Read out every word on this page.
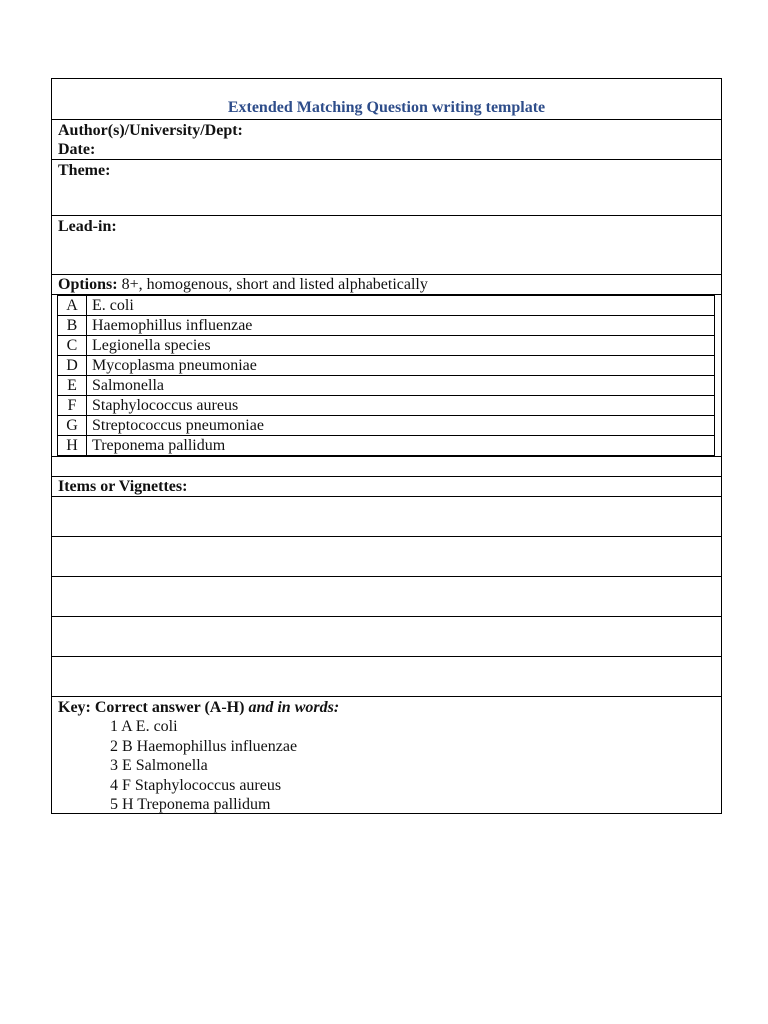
Extended Matching Question writing template
Author(s)/University/Dept:
Date:
Theme:
Lead-in:
Options: 8+, homogenous, short and listed alphabetically
A	E. coli
B	Haemophillus influenzae
C	Legionella species
D	Mycoplasma pneumoniae
E	Salmonella
F	Staphylococcus aureus
G	Streptococcus pneumoniae
H	Treponema pallidum
Items or Vignettes:
Key: Correct answer (A-H) and in words:
1 A E. coli
2 B Haemophillus influenzae
3 E Salmonella
4 F Staphylococcus aureus
5 H Treponema pallidum
